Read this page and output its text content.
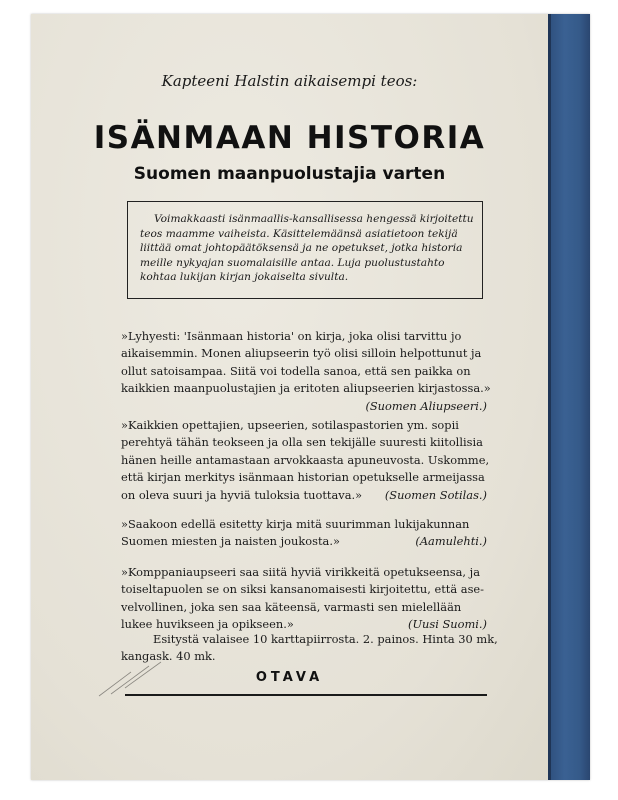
Kapteeni Halstin aikaisempi teos:
ISÄNMAAN HISTORIA
Suomen maanpuolustajia varten
Voimakkaasti isänmaallis-kansallisessa hengessä kirjoitettu
teos maamme vaiheista. Käsittelemäänsä asiatietoon tekijä
liittää omat johtopäätöksensä ja ne opetukset, jotka historia
meille nykyajan suomalaisille antaa. Luja puolustustahto
kohtaa lukijan kirjan jokaiselta sivulta.
»Lyhyesti: 'Isänmaan historia' on kirja, joka olisi tarvittu jo
aikaisemmin. Monen aliupseerin työ olisi silloin helpottunut ja
ollut satoisampaa. Siitä voi todella sanoa, että sen paikka on
kaikkien maanpuolustajien ja eritoten aliupseerien kirjastossa.»
(Suomen Aliupseeri.)
»Kaikkien opettajien, upseerien, sotilaspastorien ym. sopii
perehtyä tähän teokseen ja olla sen tekijälle suuresti kiitollisia
hänen heille antamastaan arvokkaasta apuneuvosta. Uskomme,
että kirjan merkitys isänmaan historian opetukselle armeijassa
on oleva suuri ja hyviä tuloksia tuottava.» (Suomen Sotilas.)
»Saakoon edellä esitetty kirja mitä suurimman lukijakunnan
Suomen miesten ja naisten joukosta.»	(Aamulehti.)
»Komppaniaupseeri saa siitä hyviä virikkeitä opetukseensa, ja
toiseltapuolen se on siksi kansanomaisesti kirjoitettu, että ase-
velvollinen, joka sen saa käteensä, varmasti sen mielellään
lukee huvikseen ja opikseen.»	(Uusi Suomi.)
Esitystä valaisee 10 karttapiirrosta. 2. painos. Hinta 30 mk,
kangask. 40 mk.
OTAVA
